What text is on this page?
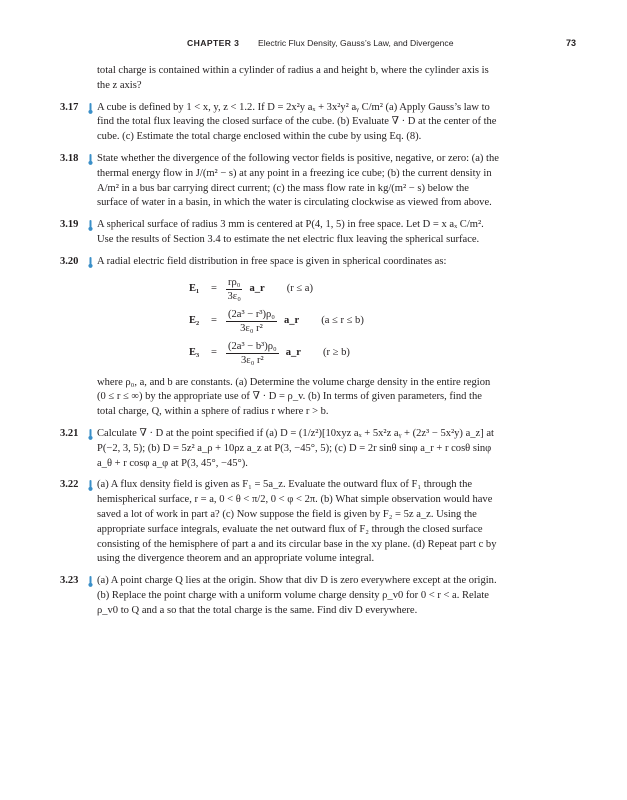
CHAPTER 3 Electric Flux Density, Gauss’s Law, and Divergence	73

total charge is contained within a cylinder of radius a and height b, where the cylinder axis is the z axis?

3.17 A cube is defined by 1 < x, y, z < 1.2. If D = 2x²y aₓ + 3x²y² aᵧ C/m² (a) Apply Gauss’s law to find the total flux leaving the closed surface of the cube. (b) Evaluate ∇ · D at the center of the cube. (c) Estimate the total charge enclosed within the cube by using Eq. (8).

3.18 State whether the divergence of the following vector fields is positive, negative, or zero: (a) the thermal energy flow in J/(m² − s) at any point in a freezing ice cube; (b) the current density in A/m² in a bus bar carrying direct current; (c) the mass flow rate in kg/(m² − s) below the surface of water in a basin, in which the water is circulating clockwise as viewed from above.

3.19 A spherical surface of radius 3 mm is centered at P(4, 1, 5) in free space. Let D = x aₓ C/m². Use the results of Section 3.4 to estimate the net electric flux leaving the spherical surface.

3.20 A radial electric field distribution in free space is given in spherical coordinates as:

E₁	= $\frac{\text{rρ₀}}{\text{3ε₀}}$ a_r (r ≤ a)
E₂	= $\frac{\text{(2a³ − r³)ρ₀}}{\text{3ε₀ r²}}$ a_r (a ≤ r ≤ b)
E₃	= $\frac{\text{(2a³ − b³)ρ₀}}{\text{3ε₀ r²}}$ a_r (r ≥ b)

where ρ₀, a, and b are constants. (a) Determine the volume charge density in the entire region (0 ≤ r ≤ ∞) by the appropriate use of ∇ · D = ρ_v. (b) In terms of given parameters, find the total charge, Q, within a sphere of radius r where r > b.

3.21 Calculate ∇ · D at the point specified if (a) D = (1/z²)[10xyz aₓ + 5x²z aᵧ + (2z³ − 5x²y) a_z] at P(−2, 3, 5); (b) D = 5z² a_ρ + 10ρz a_z at P(3, −45°, 5); (c) D = 2r sinθ sinφ a_r + r cosθ sinφ a_θ + r cosφ a_φ at P(3, 45°, −45°).

3.22 (a) A flux density field is given as F₁ = 5a_z. Evaluate the outward flux of F₁ through the hemispherical surface, r = a, 0 < θ < π/2, 0 < φ < 2π. (b) What simple observation would have saved a lot of work in part a? (c) Now suppose the field is given by F₂ = 5z a_z. Using the appropriate surface integrals, evaluate the net outward flux of F₂ through the closed surface consisting of the hemisphere of part a and its circular base in the xy plane. (d) Repeat part c by using the divergence theorem and an appropriate volume integral.

3.23 (a) A point charge Q lies at the origin. Show that div D is zero everywhere except at the origin. (b) Replace the point charge with a uniform volume charge density ρ_v0 for 0 < r < a. Relate ρ_v0 to Q and a so that the total charge is the same. Find div D everywhere.
